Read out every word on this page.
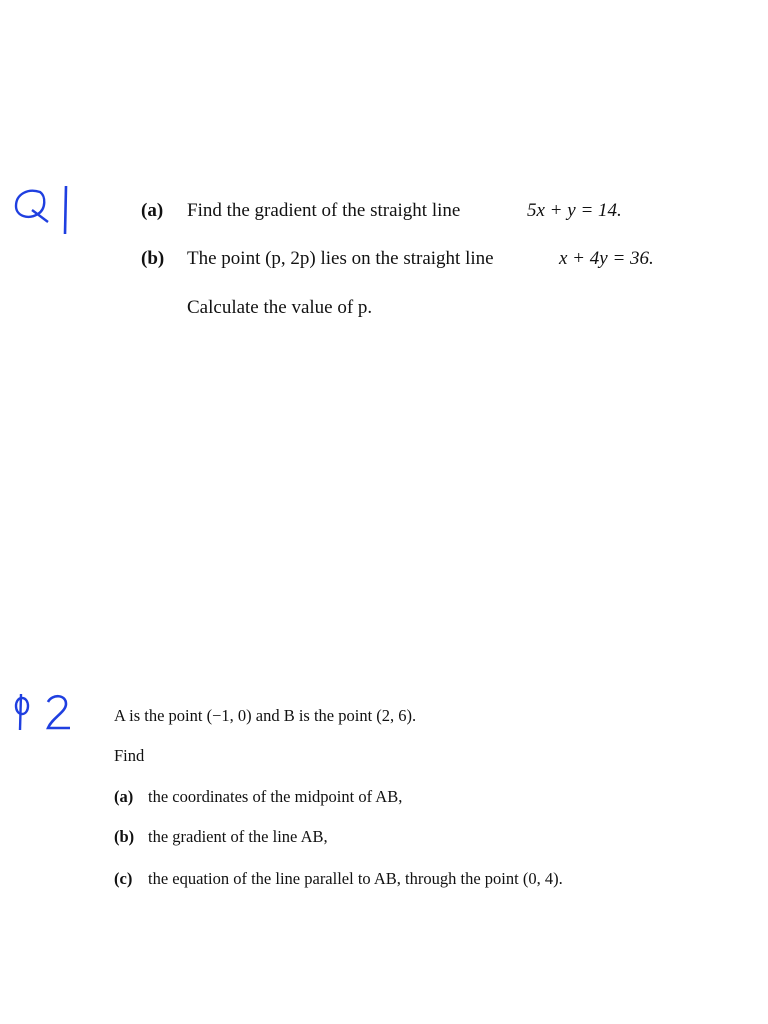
(a) Find the gradient of the straight line	5x + y = 14.
(b) The point (p, 2p) lies on the straight line	x + 4y = 36.
Calculate the value of p.
A is the point (−1, 0) and B is the point (2, 6).
Find
(a) the coordinates of the midpoint of AB,
(b) the gradient of the line AB,
(c) the equation of the line parallel to AB, through the point (0, 4).
